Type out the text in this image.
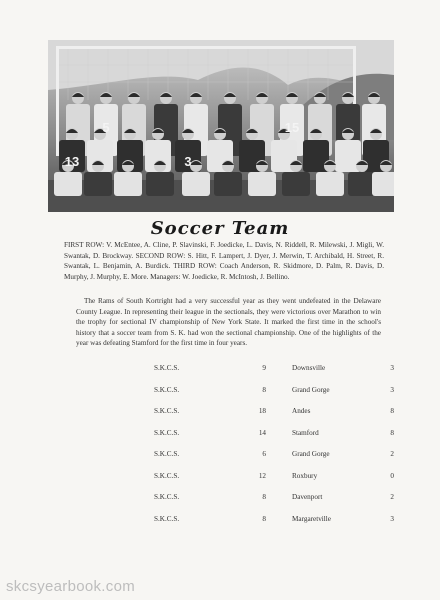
5	15
13	3
Soccer Team
FIRST ROW: V. McEntee, A. Cline, P. Slavinski, F. Joedicke, L. Davis, N. Riddell, R. Milewski, J. Migli, W. Swantak, D. Brockway. SECOND ROW: S. Hitt, F. Lampert, J. Dyer, J. Merwin, T. Archibald, H. Street, R. Swantak, L. Benjamin, A. Burdick. THIRD ROW: Coach Anderson, R. Skidmore, D. Palm, R. Davis, D. Murphy, J. Murphy, E. More. Managers: W. Joedicke, R. McIntosh, J. Bellino.
The Rams of South Kortright had a very successful year as they went undefeated in the Delaware County League. In representing their league in the sectionals, they were victorious over Marathon to win the trophy for sectional IV championship of New York State. It marked the first time in the school's history that a soccer team from S. K. had won the sectional championship. One of the highlights of the year was defeating Stamford for the first time in four years.
S.K.C.S.	9	Downsville	3
S.K.C.S.	8	Grand Gorge	3
S.K.C.S.	18	Andes	8
S.K.C.S.	14	Stamford	8
S.K.C.S.	6	Grand Gorge	2
S.K.C.S.	12	Roxbury	0
S.K.C.S.	8	Davenport	2
S.K.C.S.	8	Margaretville	3
skcsyearbook.com
